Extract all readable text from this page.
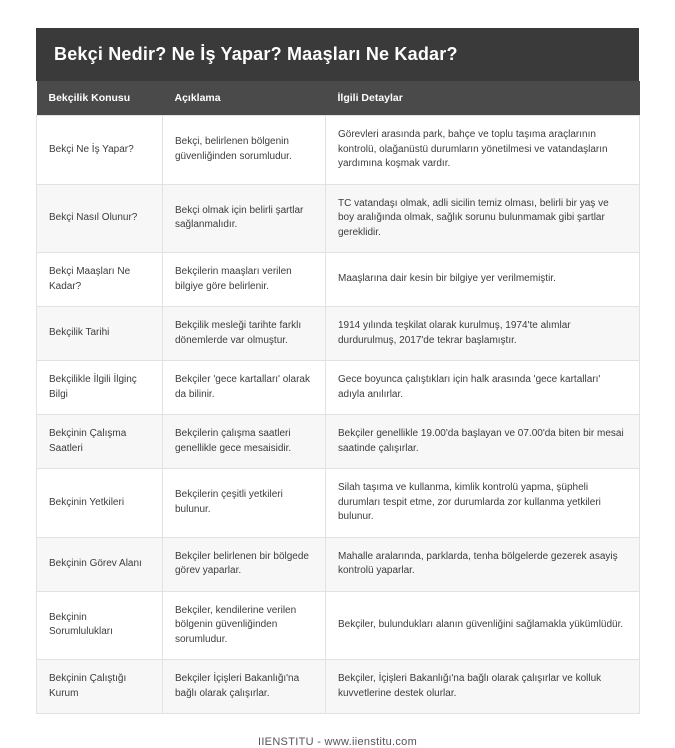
Bekçi Nedir? Ne İş Yapar? Maaşları Ne Kadar?
Bekçilik Konusu	Açıklama	İlgili Detaylar
Bekçi Ne İş Yapar?	Bekçi, belirlenen bölgenin güvenliğinden sorumludur.	Görevleri arasında park, bahçe ve toplu taşıma araçlarının kontrolü, olağanüstü durumların yönetilmesi ve vatandaşların yardımına koşmak vardır.
Bekçi Nasıl Olunur?	Bekçi olmak için belirli şartlar sağlanmalıdır.	TC vatandaşı olmak, adli sicilin temiz olması, belirli bir yaş ve boy aralığında olmak, sağlık sorunu bulunmamak gibi şartlar gereklidir.
Bekçi Maaşları Ne Kadar?	Bekçilerin maaşları verilen bilgiye göre belirlenir.	Maaşlarına dair kesin bir bilgiye yer verilmemiştir.
Bekçilik Tarihi	Bekçilik mesleği tarihte farklı dönemlerde var olmuştur.	1914 yılında teşkilat olarak kurulmuş, 1974'te alımlar durdurulmuş, 2017'de tekrar başlamıştır.
Bekçilikle İlgili İlginç Bilgi	Bekçiler 'gece kartalları' olarak da bilinir.	Gece boyunca çalıştıkları için halk arasında 'gece kartalları' adıyla anılırlar.
Bekçinin Çalışma Saatleri	Bekçilerin çalışma saatleri genellikle gece mesaisidir.	Bekçiler genellikle 19.00'da başlayan ve 07.00'da biten bir mesai saatinde çalışırlar.
Bekçinin Yetkileri	Bekçilerin çeşitli yetkileri bulunur.	Silah taşıma ve kullanma, kimlik kontrolü yapma, şüpheli durumları tespit etme, zor durumlarda zor kullanma yetkileri bulunur.
Bekçinin Görev Alanı	Bekçiler belirlenen bir bölgede görev yaparlar.	Mahalle aralarında, parklarda, tenha bölgelerde gezerek asayiş kontrolü yaparlar.
Bekçinin Sorumlulukları	Bekçiler, kendilerine verilen bölgenin güvenliğinden sorumludur.	Bekçiler, bulundukları alanın güvenliğini sağlamakla yükümlüdür.
Bekçinin Çalıştığı Kurum	Bekçiler İçişleri Bakanlığı'na bağlı olarak çalışırlar.	Bekçiler, İçişleri Bakanlığı'na bağlı olarak çalışırlar ve kolluk kuvvetlerine destek olurlar.
IIENSTITU - www.iienstitu.com
